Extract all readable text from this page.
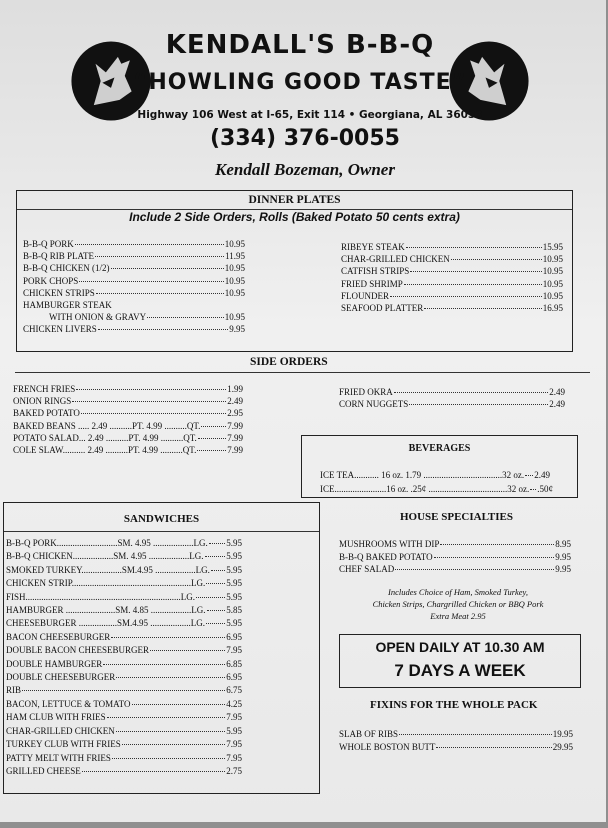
KENDALL'S B-B-Q
“HOWLING GOOD TASTE”
Highway 106 West at I-65, Exit 114 • Georgiana, AL 36033
(334) 376-0055
Kendall Bozeman, Owner
DINNER PLATES
Include 2 Side Orders, Rolls (Baked Potato 50 cents extra)
B-B-Q PORK	10.95
B-B-Q RIB PLATE	11.95
B-B-Q CHICKEN (1/2)	10.95
PORK CHOPS	10.95
CHICKEN STRIPS	10.95
HAMBURGER STEAK
WITH ONION & GRAVY	10.95
CHICKEN LIVERS	9.95
RIBEYE STEAK	15.95
CHAR-GRILLED CHICKEN	10.95
CATFISH STRIPS	10.95
FRIED SHRIMP	10.95
FLOUNDER	10.95
SEAFOOD PLATTER	16.95
SIDE ORDERS
FRENCH FRIES	1.99
ONION RINGS	2.49
BAKED POTATO	2.95
BAKED BEANS ..... 2.49 ..........PT. 4.99 ..........QT.	7.99
POTATO SALAD... 2.49 ..........PT. 4.99 ..........QT.	7.99
COLE SLAW.......... 2.49 ..........PT. 4.99 ..........QT.	7.99
FRIED OKRA	2.49
CORN NUGGETS	2.49
BEVERAGES
ICE TEA........... 16 oz. 1.79 ...................................32 oz. 2.49
ICE.......................16 oz. .25¢ ...................................32 oz. .50¢
SANDWICHES
B-B-Q PORK...........................SM. 4.95 ..................LG. 5.95
B-B-Q CHICKEN..................SM. 4.95 ..................LG.	5.95
SMOKED TURKEY..................SM.4.95 ..................LG. 5.95
CHICKEN STRIP.....................................................LG. 5.95
FISH.....................................................................LG.	5.95
HAMBURGER ......................SM. 4.85 ..................LG. 5.85
CHEESEBURGER .................SM.4.95 ..................LG. 5.95
BACON CHEESEBURGER	6.95
DOUBLE BACON CHEESEBURGER	7.95
DOUBLE HAMBURGER	6.85
DOUBLE CHEESEBURGER	6.95
RIB	6.75
BACON, LETTUCE & TOMATO	4.25
HAM CLUB WITH FRIES	7.95
CHAR-GRILLED CHICKEN	5.95
TURKEY CLUB WITH FRIES	7.95
PATTY MELT WITH FRIES	7.95
GRILLED CHEESE	2.75
HOUSE SPECIALTIES
MUSHROOMS WITH DIP	8.95
B-B-Q BAKED POTATO	9.95
CHEF SALAD	9.95
Includes Choice of Ham, Smoked Turkey,
Chicken Strips, Chargrilled Chicken or BBQ Pork
Extra Meat 2.95
OPEN DAILY AT 10.30 AM
7 DAYS A WEEK
FIXINS FOR THE WHOLE PACK
SLAB OF RIBS	19.95
WHOLE BOSTON BUTT	29.95
